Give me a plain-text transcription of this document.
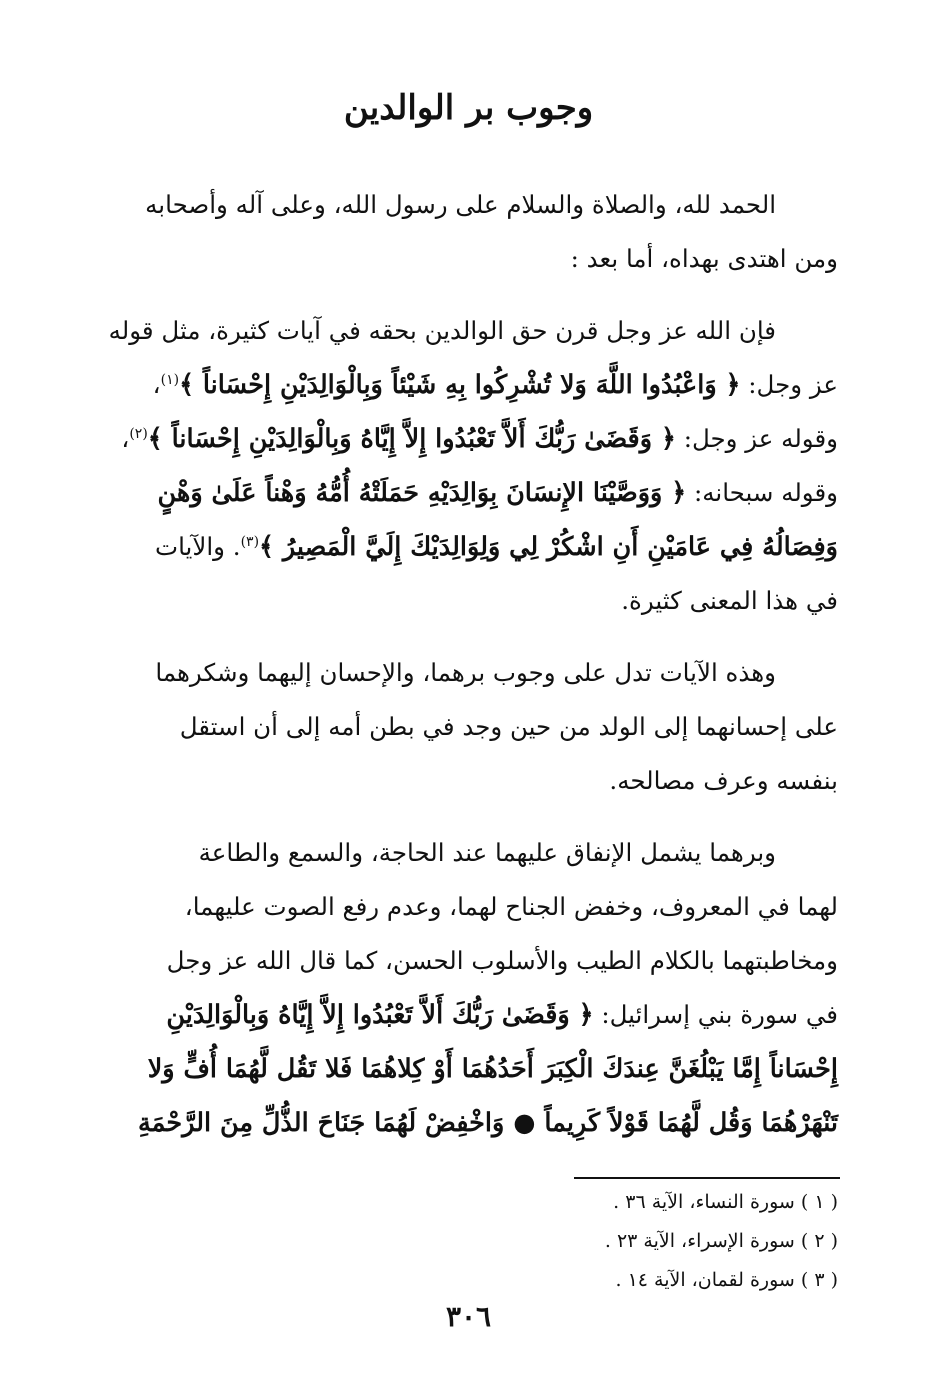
وجوب بر الوالدين

الحمد لله، والصلاة والسلام على رسول الله، وعلى آله وأصحابه
ومن اهتدى بهداه، أما بعد :

فإن الله عز وجل قرن حق الوالدين بحقه في آيات كثيرة، مثل قوله
عز وجل: ﴿ وَاعْبُدُوا اللَّهَ وَلا تُشْرِكُوا بِهِ شَيْئاً وَبِالْوَالِدَيْنِ إِحْسَاناً ﴾$^{(١)}$،
وقوله عز وجل: ﴿ وَقَضَىٰ رَبُّكَ أَلاَّ تَعْبُدُوا إِلاَّ إِيَّاهُ وَبِالْوَالِدَيْنِ إِحْسَاناً ﴾$^{(٢)}$،
وقوله سبحانه: ﴿ وَوَصَّيْنَا الإِنسَانَ بِوَالِدَيْهِ حَمَلَتْهُ أُمُّهُ وَهْناً عَلَىٰ وَهْنٍ
وَفِصَالُهُ فِي عَامَيْنِ أَنِ اشْكُرْ لِي وَلِوَالِدَيْكَ إِلَيَّ الْمَصِيرُ ﴾$^{(٣)}$. والآيات
في هذا المعنى كثيرة.

وهذه الآيات تدل على وجوب برهما، والإحسان إليهما وشكرهما
على إحسانهما إلى الولد من حين وجد في بطن أمه إلى أن استقل
بنفسه وعرف مصالحه.

وبرهما يشمل الإنفاق عليهما عند الحاجة، والسمع والطاعة
لهما في المعروف، وخفض الجناح لهما، وعدم رفع الصوت عليهما،
ومخاطبتهما بالكلام الطيب والأسلوب الحسن، كما قال الله عز وجل
في سورة بني إسرائيل: ﴿ وَقَضَىٰ رَبُّكَ أَلاَّ تَعْبُدُوا إِلاَّ إِيَّاهُ وَبِالْوَالِدَيْنِ
إِحْسَاناً إِمَّا يَبْلُغَنَّ عِندَكَ الْكِبَرَ أَحَدُهُمَا أَوْ كِلاهُمَا فَلا تَقُل لَّهُمَا أُفٍّ وَلا
تَنْهَرْهُمَا وَقُل لَّهُمَا قَوْلاً كَرِيماً ● وَاخْفِضْ لَهُمَا جَنَاحَ الذُّلِّ مِنَ الرَّحْمَةِ

( ١ ) سورة النساء، الآية ٣٦ .
( ٢ ) سورة الإسراء، الآية ٢٣ .
( ٣ ) سورة لقمان، الآية ١٤ .
٣٠٦
